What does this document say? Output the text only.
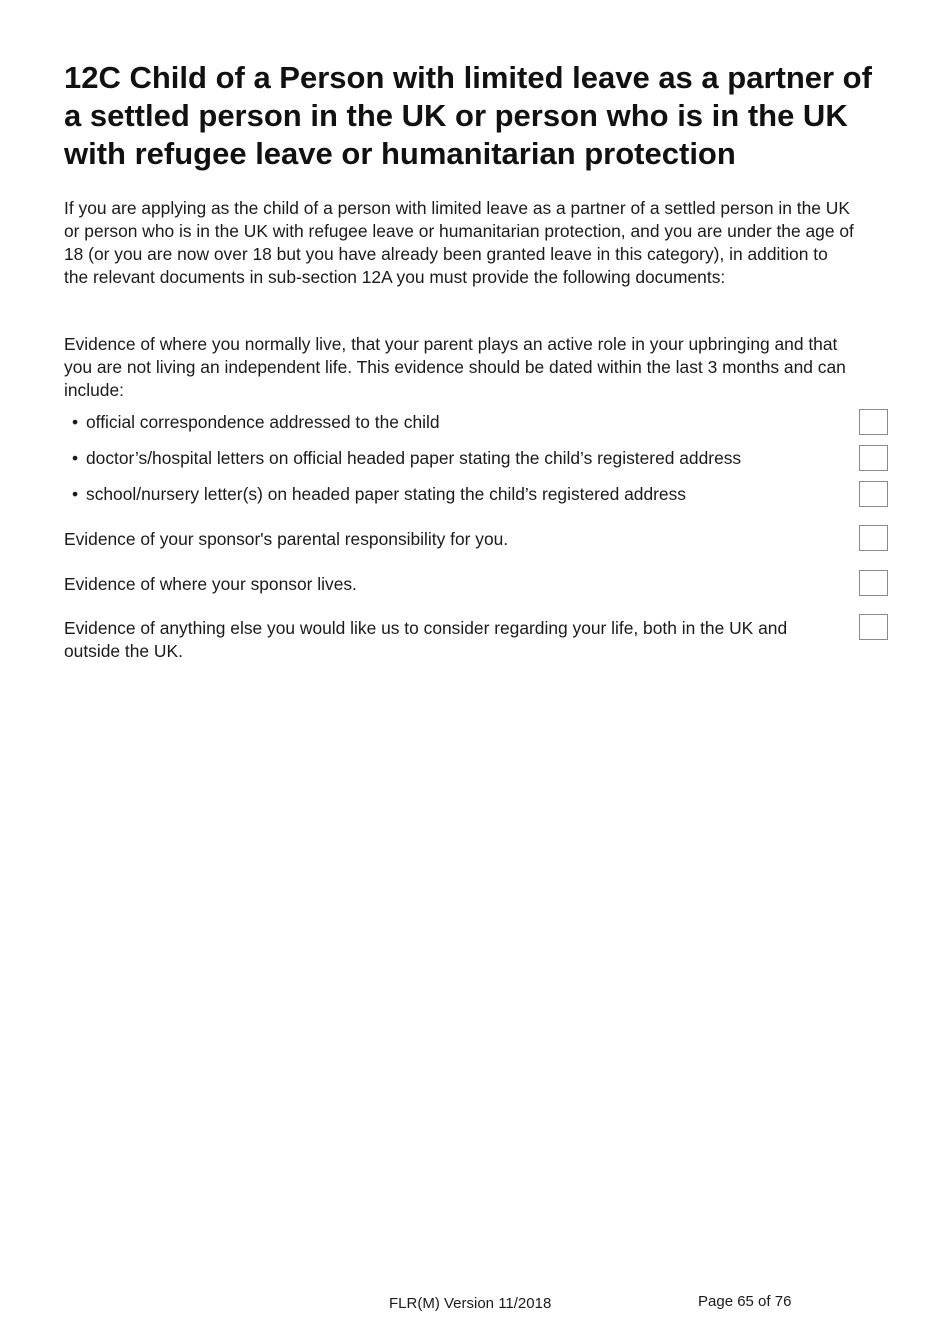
12C Child of a Person with limited leave as a partner of a settled person in the UK or person who is in the UK with refugee leave or humanitarian protection

If you are applying as the child of a person with limited leave as a partner of a settled person in the UK or person who is in the UK with refugee leave or humanitarian protection, and you are under the age of 18 (or you are now over 18 but you have already been granted leave in this category), in addition to the relevant documents in sub-section 12A you must provide the following documents:

Evidence of where you normally live, that your parent plays an active role in your upbringing and that you are not living an independent life. This evidence should be dated within the last 3 months and can include:

• official correspondence addressed to the child
• doctor’s/hospital letters on official headed paper stating the child’s registered address
• school/nursery letter(s) on headed paper stating the child’s registered address
Evidence of your sponsor's parental responsibility for you.
Evidence of where your sponsor lives.
Evidence of anything else you would like us to consider regarding your life, both in the UK and outside the UK.
FLR(M) Version 11/2018	Page 65 of 76
